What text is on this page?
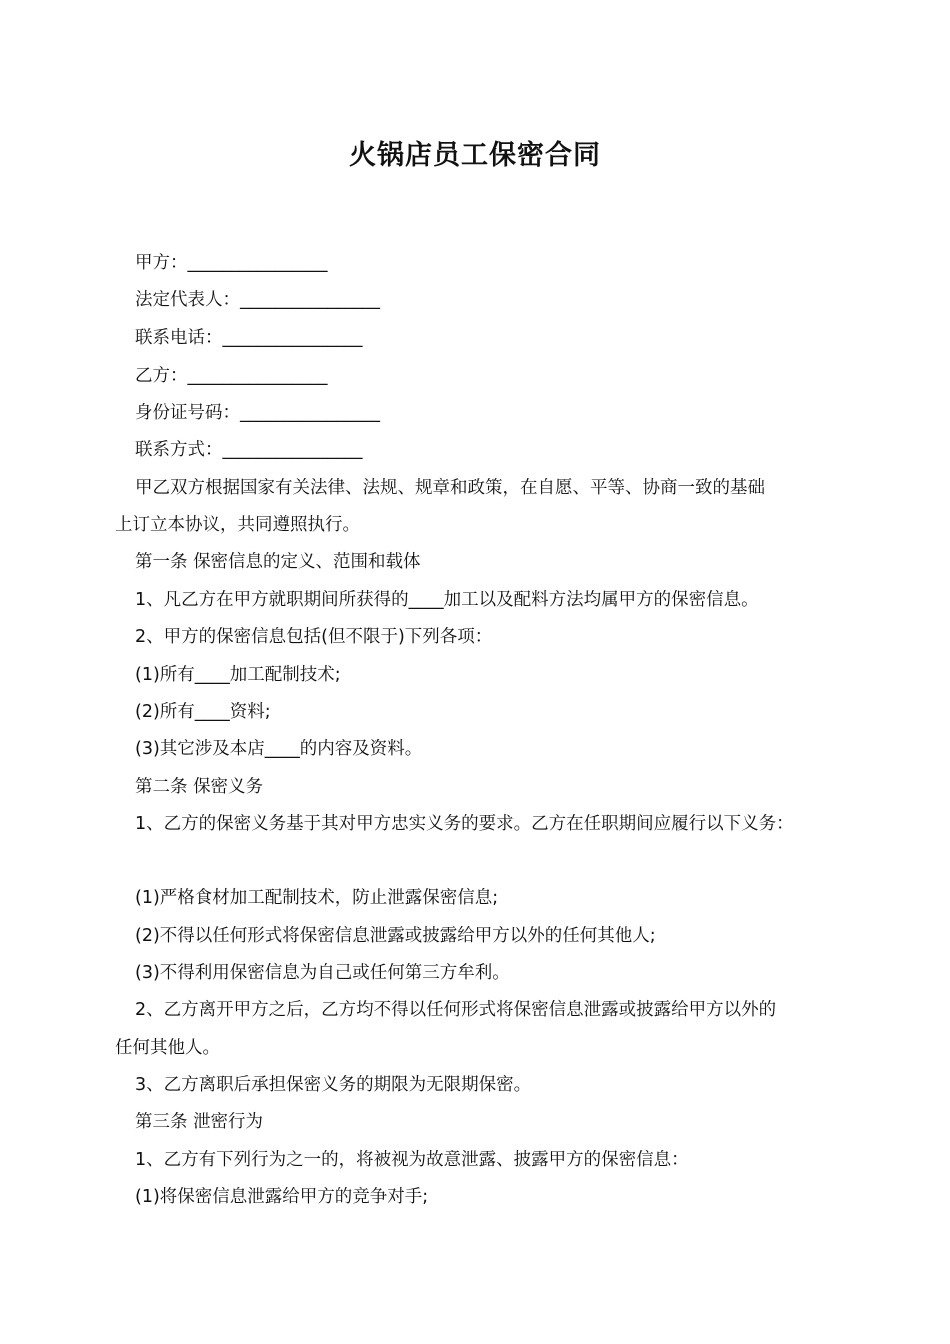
火锅店员工保密合同

甲方：________________

法定代表人：________________

联系电话：________________

乙方：________________

身份证号码：________________

联系方式：________________

甲乙双方根据国家有关法律、法规、规章和政策，在自愿、平等、协商一致的基础

上订立本协议，共同遵照执行。

第一条 保密信息的定义、范围和载体

1、凡乙方在甲方就职期间所获得的____加工以及配料方法均属甲方的保密信息。

2、甲方的保密信息包括(但不限于)下列各项：

(1)所有____加工配制技术;

(2)所有____资料;

(3)其它涉及本店____的内容及资料。

第二条 保密义务

1、乙方的保密义务基于其对甲方忠实义务的要求。乙方在任职期间应履行以下义务：

(1)严格食材加工配制技术，防止泄露保密信息;

(2)不得以任何形式将保密信息泄露或披露给甲方以外的任何其他人;

(3)不得利用保密信息为自己或任何第三方牟利。

2、乙方离开甲方之后，乙方均不得以任何形式将保密信息泄露或披露给甲方以外的

任何其他人。

3、乙方离职后承担保密义务的期限为无限期保密。

第三条 泄密行为

1、乙方有下列行为之一的，将被视为故意泄露、披露甲方的保密信息：

(1)将保密信息泄露给甲方的竞争对手;
